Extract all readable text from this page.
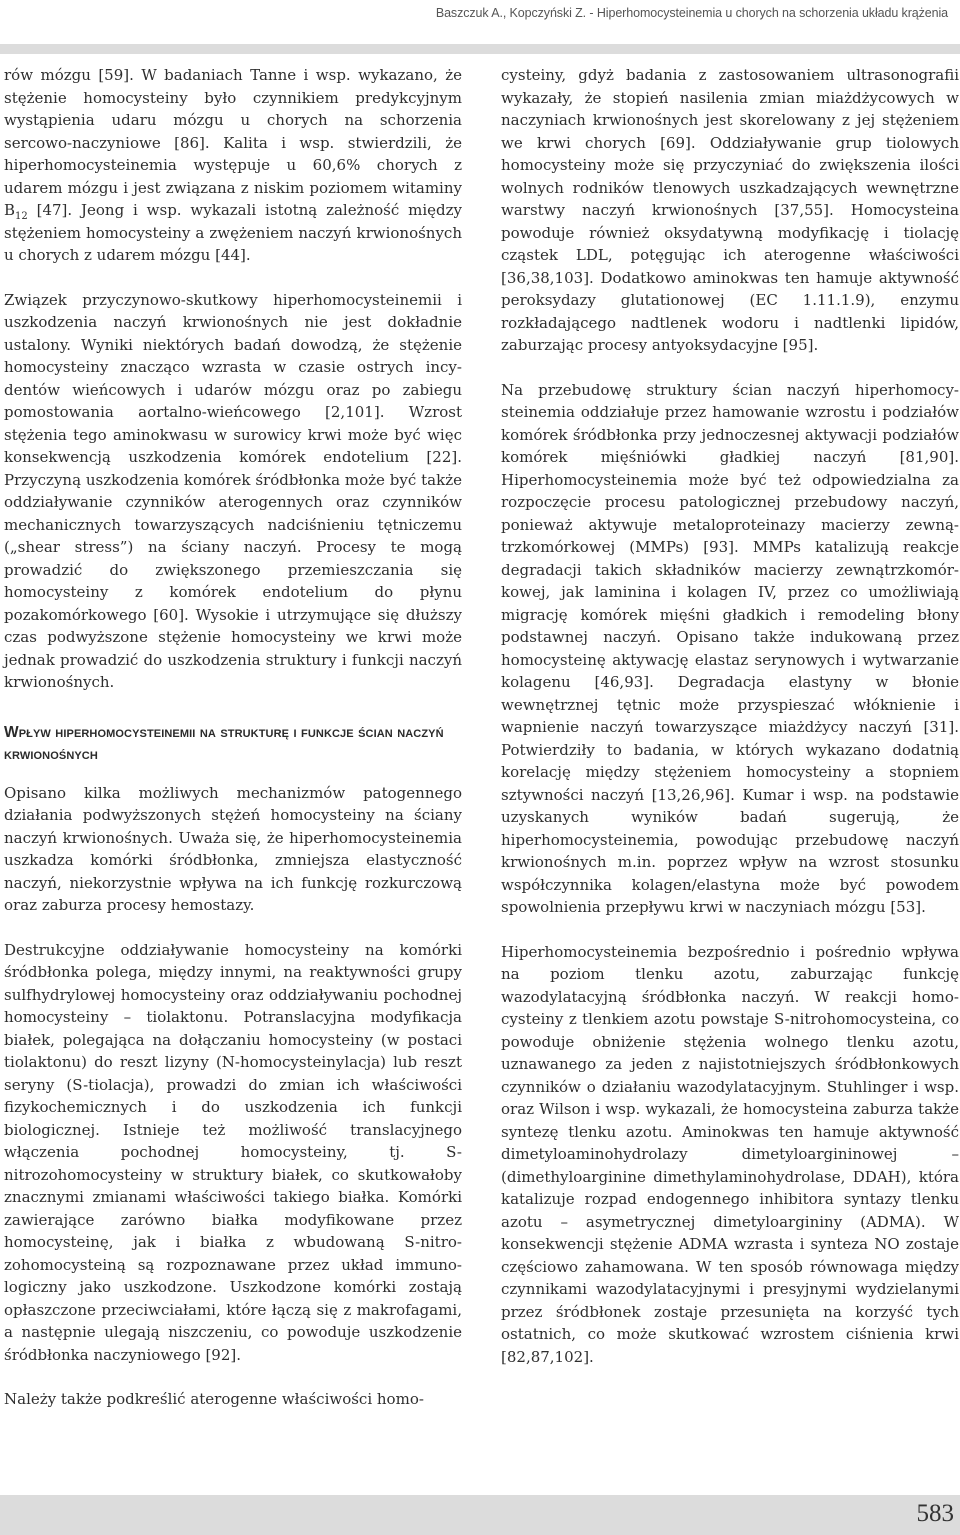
Baszczuk A., Kopczyński Z. - Hiperhomocysteinemia u chorych na schorzenia układu krążenia

rów mózgu [59]. W badaniach Tanne i wsp. wykazano, że stężenie homocysteiny było czynnikiem predykcyjnym wystąpienia udaru mózgu u chorych na schorzenia sercowo-naczyniowe [86]. Kalita i wsp. stwierdzili, że hiperhomocysteinemia występuje u 60,6% chorych z udarem mózgu i jest związana z niskim poziomem witaminy $B_{12}$ [47]. Jeong i wsp. wykazali istotną zależność między stężeniem homocysteiny a zwężeniem naczyń krwionośnych u chorych z udarem mózgu [44].

Związek przyczynowo-skutkowy hiperhomocysteinemii i uszkodzenia naczyń krwionośnych nie jest dokładnie ustalony. Wyniki niektórych badań dowodzą, że stężenie homocysteiny znacząco wzrasta w czasie ostrych incydentów wieńcowych i udarów mózgu oraz po zabiegu pomostowania aortalno-wieńcowego [2,101]. Wzrost stężenia tego aminokwasu w surowicy krwi może być więc konsekwencją uszkodzenia komórek endotelium [22]. Przyczyną uszkodzenia komórek śródbłonka może być także oddziaływanie czynników aterogennych oraz czynników mechanicznych towarzyszących nadciśnieniu tętniczemu („shear stress”) na ściany naczyń. Procesy te mogą prowadzić do zwiększonego przemieszczania się homocysteiny z komórek endotelium do płynu pozakomórkowego [60]. Wysokie i utrzymujące się dłuższy czas podwyższone stężenie homocysteiny we krwi może jednak prowadzić do uszkodzenia struktury i funkcji naczyń krwionośnych.

Wpływ hiperhomocysteinemii na strukturę i funkcje ścian naczyń krwionośnych

Opisano kilka możliwych mechanizmów patogennego działania podwyższonych stężeń homocysteiny na ściany naczyń krwionośnych. Uważa się, że hiperhomocysteinemia uszkadza komórki śródbłonka, zmniejsza elastyczność naczyń, niekorzystnie wpływa na ich funkcję rozkurczową oraz zaburza procesy hemostazy.

Destrukcyjne oddziaływanie homocysteiny na komórki śródbłonka polega, między innymi, na reaktywności grupy sulfhydrylowej homocysteiny oraz oddziaływaniu pochodnej homocysteiny – tiolaktonu. Potranslacyjna modyfikacja białek, polegająca na dołączaniu homocysteiny (w postaci tiolaktonu) do reszt lizyny (N-homocysteinylacja) lub reszt seryny (S-tiolacja), prowadzi do zmian ich właściwości fizykochemicznych i do uszkodzenia ich funkcji biologicznej. Istnieje też możliwość translacyjnego włączenia pochodnej homocysteiny, tj. S-nitrozohomocysteiny w struktury białek, co skutkowałoby znacznymi zmianami właściwości takiego białka. Komórki zawierające zarówno białka modyfikowane przez homocysteinę, jak i białka z wbudowaną S-nitrozohomocysteiną są rozpoznawane przez układ immunologiczny jako uszkodzone. Uszkodzone komórki zostają opłaszczone przeciwciałami, które łączą się z makrofagami, a następnie ulegają niszczeniu, co powoduje uszkodzenie śródbłonka naczyniowego [92].

Należy także podkreślić aterogenne właściwości homo-

cysteiny, gdyż badania z zastosowaniem ultrasonografii wykazały, że stopień nasilenia zmian miażdżycowych w naczyniach krwionośnych jest skorelowany z jej stężeniem we krwi chorych [69]. Oddziaływanie grup tiolowych homocysteiny może się przyczyniać do zwiększenia ilości wolnych rodników tlenowych uszkadzających wewnętrzne warstwy naczyń krwionośnych [37,55]. Homocysteina powoduje również oksydatywną modyfikację i tiolację cząstek LDL, potęgując ich aterogenne właściwości [36,38,103]. Dodatkowo aminokwas ten hamuje aktywność peroksydazy glutationowej (EC 1.11.1.9), enzymu rozkładającego nadtlenek wodoru i nadtlenki lipidów, zaburzając procesy antyoksydacyjne [95].

Na przebudowę struktury ścian naczyń hiperhomocysteinemia oddziałuje przez hamowanie wzrostu i podziałów komórek śródbłonka przy jednoczesnej aktywacji podziałów komórek mięśniówki gładkiej naczyń [81,90]. Hiperhomocysteinemia może być też odpowiedzialna za rozpoczęcie procesu patologicznej przebudowy naczyń, ponieważ aktywuje metaloproteinazy macierzy zewnątrzkomórkowej (MMPs) [93]. MMPs katalizują reakcje degradacji takich składników macierzy zewnątrzkomórkowej, jak laminina i kolagen IV, przez co umożliwiają migrację komórek mięśni gładkich i remodeling błony podstawnej naczyń. Opisano także indukowaną przez homocysteinę aktywację elastaz serynowych i wytwarzanie kolagenu [46,93]. Degradacja elastyny w błonie wewnętrznej tętnic może przyspieszać włóknienie i wapnienie naczyń towarzyszące miażdżycy naczyń [31]. Potwierdziły to badania, w których wykazano dodatnią korelację między stężeniem homocysteiny a stopniem sztywności naczyń [13,26,96]. Kumar i wsp. na podstawie uzyskanych wyników badań sugerują, że hiperhomocysteinemia, powodując przebudowę naczyń krwionośnych m.in. poprzez wpływ na wzrost stosunku współczynnika kolagen/elastyna może być powodem spowolnienia przepływu krwi w naczyniach mózgu [53].

Hiperhomocysteinemia bezpośrednio i pośrednio wpływa na poziom tlenku azotu, zaburzając funkcję wazodylatacyjną śródbłonka naczyń. W reakcji homocysteiny z tlenkiem azotu powstaje S-nitrohomocysteina, co powoduje obniżenie stężenia wolnego tlenku azotu, uznawanego za jeden z najistotniejszych śródbłonkowych czynników o działaniu wazodylatacyjnym. Stuhlinger i wsp. oraz Wilson i wsp. wykazali, że homocysteina zaburza także syntezę tlenku azotu. Aminokwas ten hamuje aktywność dimetyloaminohydrolazy dimetyloargininowej – (dimethyloarginine dimethylaminohydrolase, DDAH), która katalizuje rozpad endogennego inhibitora syntazy tlenku azotu – asymetrycznej dimetyloargininy (ADMA). W konsekwencji stężenie ADMA wzrasta i synteza NO zostaje częściowo zahamowana. W ten sposób równowaga między czynnikami wazodylatacyjnymi i presyjnymi wydzielanymi przez śródbłonek zostaje przesunięta na korzyść tych ostatnich, co może skutkować wzrostem ciśnienia krwi [82,87,102].

583
